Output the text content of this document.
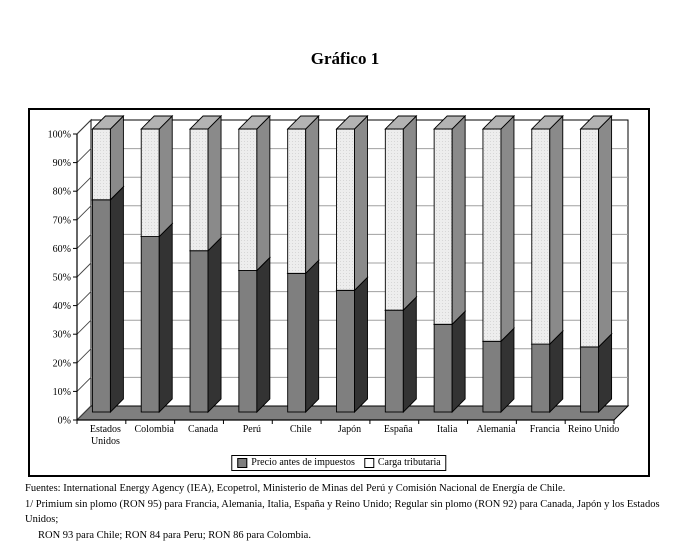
Gráfico 1

0%
10%
20%
30%
40%
50%
60%
70%
80%
90%
100%
Estados
Unidos
Colombia Canada Perú	Chile	Japón España Italia Alemania Francia Reino Unido
Precio antes de impuestos Carga tributaria
Fuentes: International Energy Agency (IEA), Ecopetrol, Ministerio de Minas del Perú y Comisión Nacional de Energía de Chile.
1/ Primium sin plomo (RON 95) para Francia, Alemania, Italia, España y Reino Unido; Regular sin plomo (RON 92) para Canada, Japón y los Estados Unidos;
RON 93 para Chile; RON 84 para Peru; RON 86 para Colombia.
